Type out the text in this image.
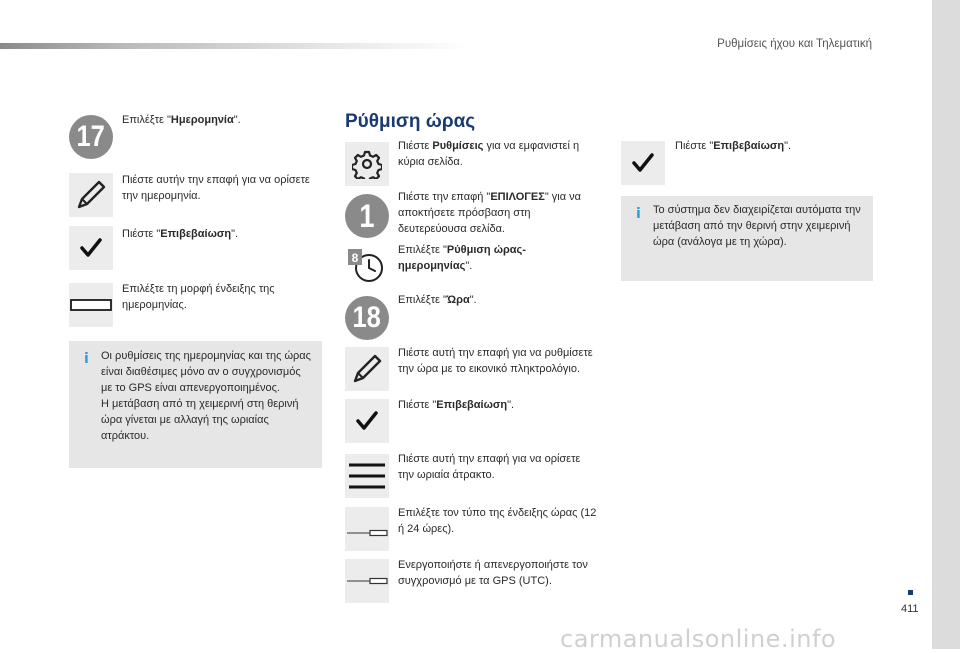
Ρυθμίσεις ήχου και Τηλεματική
411
carmanualsonline.info
17 Επιλέξτε "Ημερομηνία".
Πιέστε αυτήν την επαφή για να ορίσετε την ημερομηνία.
Πιέστε "Επιβεβαίωση".
Επιλέξτε τη μορφή ένδειξης της ημερομηνίας.
i Οι ρυθμίσεις της ημερομηνίας και της ώρας είναι διαθέσιμες μόνο αν ο συγχρονισμός με το GPS είναι απενεργοποιημένος.
Η μετάβαση από τη χειμερινή στη θερινή ώρα γίνεται με αλλαγή της ωριαίας ατράκτου.
Ρύθμιση ώρας
Πιέστε Ρυθμίσεις για να εμφανιστεί η κύρια σελίδα.
1
Πιέστε την επαφή "ΕΠΙΛΟΓΕΣ" για να αποκτήσετε πρόσβαση στη δευτερεύουσα σελίδα.
8
Επιλέξτε "Ρύθμιση ώρας-ημερομηνίας".
18
Επιλέξτε "Ώρα".
Πιέστε αυτή την επαφή για να ρυθμίσετε την ώρα με το εικονικό πληκτρολόγιο.
Πιέστε "Επιβεβαίωση".
Πιέστε αυτή την επαφή για να ορίσετε την ωριαία άτρακτο.
Επιλέξτε τον τύπο της ένδειξης ώρας (12 ή 24 ώρες).
Ενεργοποιήστε ή απενεργοποιήστε τον συγχρονισμό με τα GPS (UTC).
Πιέστε "Επιβεβαίωση".
i Το σύστημα δεν διαχειρίζεται αυτόματα την μετάβαση από την θερινή στην χειμερινή ώρα (ανάλογα με τη χώρα).
